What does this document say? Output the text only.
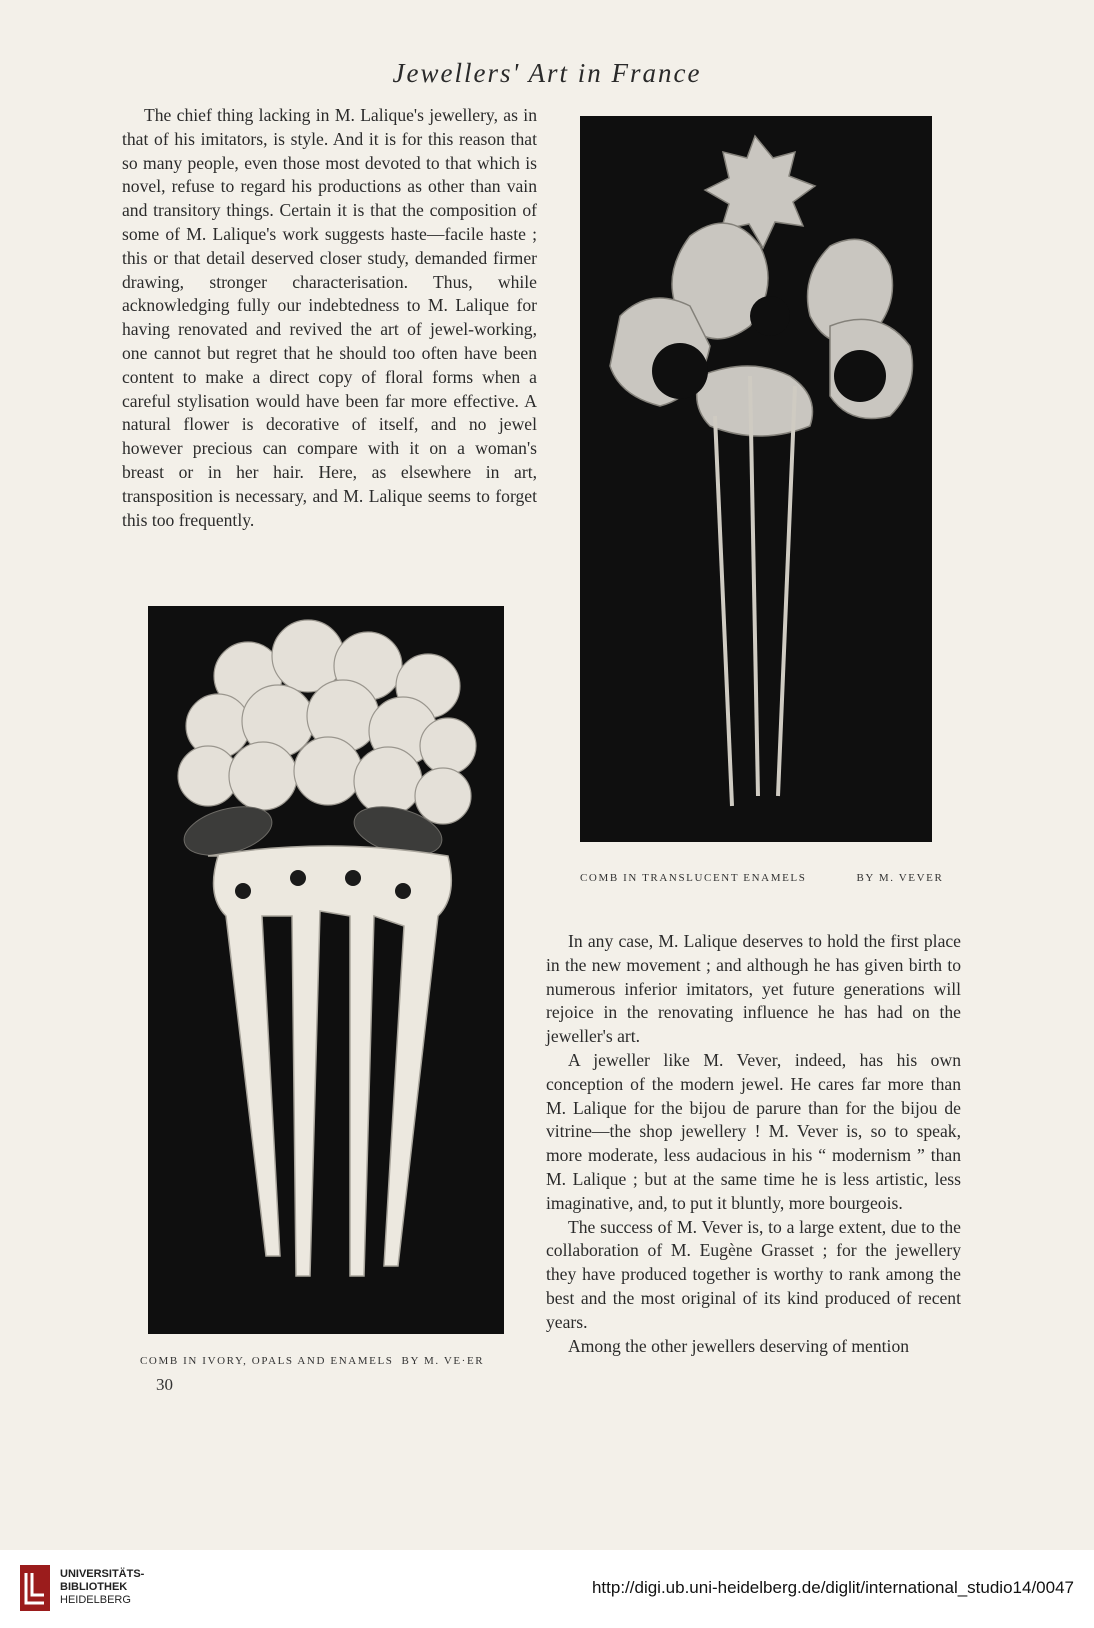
Jewellers' Art in France

The chief thing lacking in M. Lalique's jewellery, as in that of his imitators, is style. And it is for this reason that so many people, even those most devoted to that which is novel, refuse to regard his productions as other than vain and transitory things. Certain it is that the composition of some of M. Lalique's work suggests haste—facile haste ; this or that detail deserved closer study, demanded firmer drawing, stronger characterisation. Thus, while acknowledging fully our indebtedness to M. Lalique for having renovated and revived the art of jewel-working, one cannot but regret that he should too often have been content to make a direct copy of floral forms when a careful stylisation would have been far more effective. A natural flower is decorative of itself, and no jewel however precious can compare with it on a woman's breast or in her hair. Here, as elsewhere in art, transposition is necessary, and M. Lalique seems to forget this too frequently.

COMB IN TRANSLUCENT ENAMELS	BY M. VEVER
COMB IN IVORY, OPALS AND ENAMELS BY M. VE·ER
30

In any case, M. Lalique deserves to hold the first place in the new movement ; and although he has given birth to numerous inferior imitators, yet future generations will rejoice in the renovating influence he has had on the jeweller's art.

A jeweller like M. Vever, indeed, has his own conception of the modern jewel. He cares far more than M. Lalique for the bijou de parure than for the bijou de vitrine—the shop jewellery ! M. Vever is, so to speak, more moderate, less audacious in his “ modernism ” than M. Lalique ; but at the same time he is less artistic, less imaginative, and, to put it bluntly, more bourgeois.

The success of M. Vever is, to a large extent, due to the collaboration of M. Eugène Grasset ; for the jewellery they have produced together is worthy to rank among the best and the most original of its kind produced of recent years.

Among the other jewellers deserving of mention

UNIVERSITÄTS-
BIBLIOTHEK
HEIDELBERG
http://digi.ub.uni-heidelberg.de/diglit/international_studio14/0047
